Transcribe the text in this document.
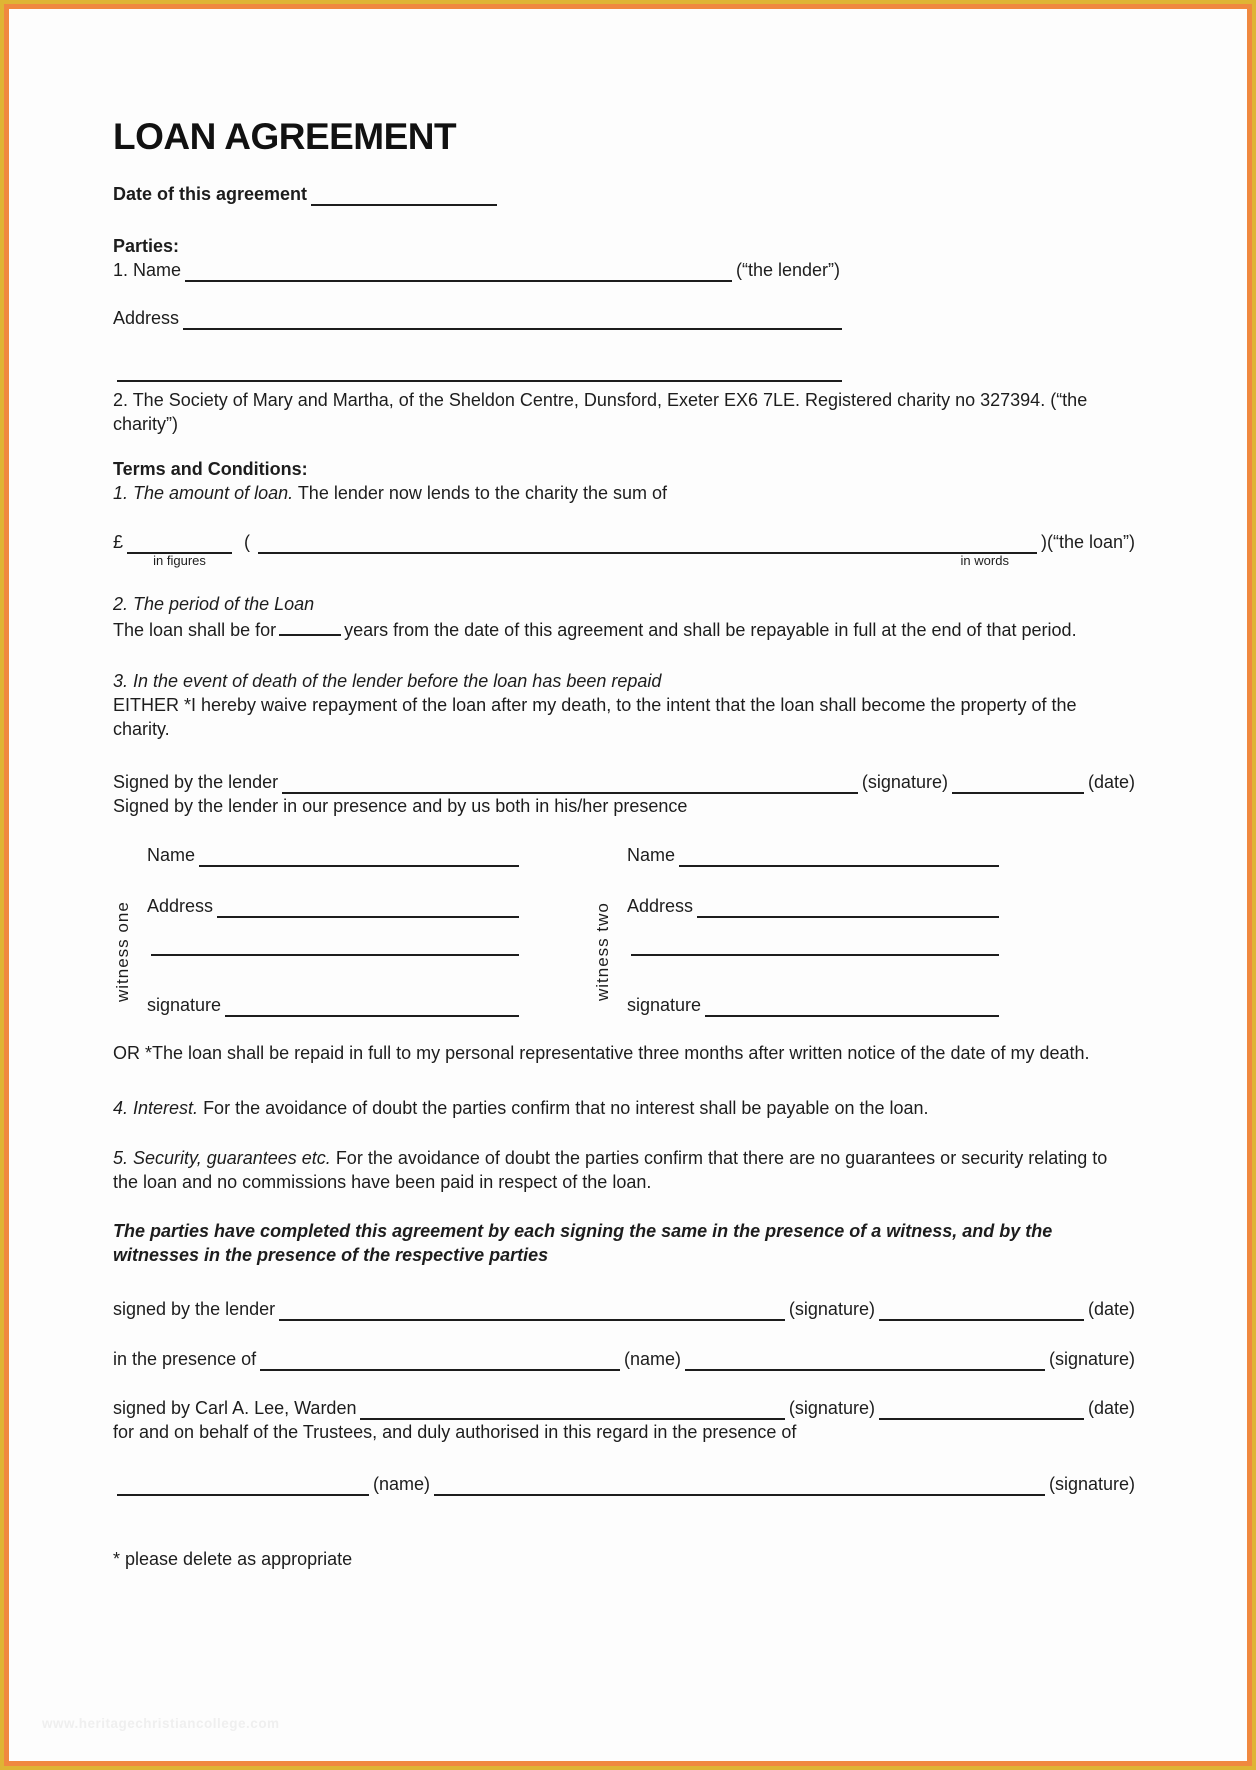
LOAN AGREEMENT
Date of this agreement

Parties:

1. Name	(“the lender”)
Address

2. The Society of Mary and Martha, of the Sheldon Centre, Dunsford, Exeter EX6 7LE. Registered charity no 327394. (“the charity”)

Terms and Conditions:

1. The amount of loan. The lender now lends to the charity the sum of

£
in figures
(
in words
)(“the loan”)

2. The period of the Loan

The loan shall be for	years from the date of this agreement and shall be repayable in full at the end of that period.

3. In the event of death of the lender before the loan has been repaid

EITHER *I hereby waive repayment of the loan after my death, to the intent that the loan shall become the property of the charity.

Signed by the lender	(signature)	(date)

Signed by the lender in our presence and by us both in his/her presence

witness one
Name
Address
signature
witness two
Name
Address
signature

OR *The loan shall be repaid in full to my personal representative three months after written notice of the date of my death.

4. Interest. For the avoidance of doubt the parties confirm that no interest shall be payable on the loan.

5. Security, guarantees etc. For the avoidance of doubt the parties confirm that there are no guarantees or security relating to the loan and no commissions have been paid in respect of the loan.

The parties have completed this agreement by each signing the same in the presence of a witness, and by the witnesses in the presence of the respective parties

signed by the lender	(signature)	(date)
in the presence of	(name)	(signature)
signed by Carl A. Lee, Warden	(signature)	(date)

for and on behalf of the Trustees, and duly authorised in this regard in the presence of

(name)	(signature)

* please delete as appropriate

www.heritagechristiancollege.com
